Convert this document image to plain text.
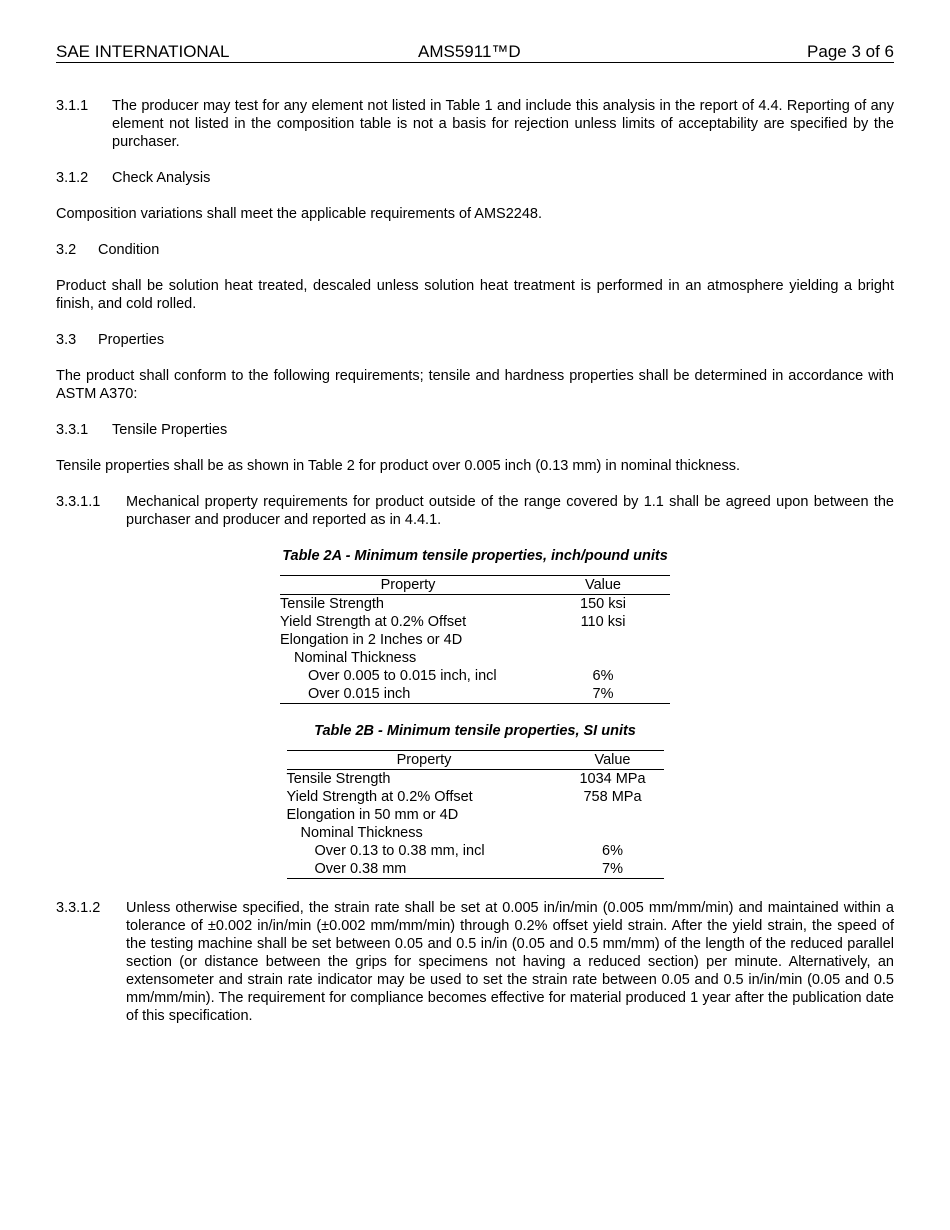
SAE INTERNATIONAL	AMS5911™D	Page 3 of 6
3.1.1	The producer may test for any element not listed in Table 1 and include this analysis in the report of 4.4. Reporting of any element not listed in the composition table is not a basis for rejection unless limits of acceptability are specified by the purchaser.
3.1.2	Check Analysis

Composition variations shall meet the applicable requirements of AMS2248.

3.2	Condition

Product shall be solution heat treated, descaled unless solution heat treatment is performed in an atmosphere yielding a bright finish, and cold rolled.

3.3	Properties

The product shall conform to the following requirements; tensile and hardness properties shall be determined in accordance with ASTM A370:

3.3.1	Tensile Properties

Tensile properties shall be as shown in Table 2 for product over 0.005 inch (0.13 mm) in nominal thickness.

3.3.1.1	Mechanical property requirements for product outside of the range covered by 1.1 shall be agreed upon between the purchaser and producer and reported as in 4.4.1.

Table 2A - Minimum tensile properties, inch/pound units

Property	Value
Tensile Strength	150 ksi
Yield Strength at 0.2% Offset	110 ksi
Elongation in 2 Inches or 4D	
Nominal Thickness	
Over 0.005 to 0.015 inch, incl	6%
Over 0.015 inch	7%

Table 2B - Minimum tensile properties, SI units

Property	Value
Tensile Strength	1034 MPa
Yield Strength at 0.2% Offset	758 MPa
Elongation in 50 mm or 4D	
Nominal Thickness	
Over 0.13 to 0.38 mm, incl	6%
Over 0.38 mm	7%
3.3.1.2	Unless otherwise specified, the strain rate shall be set at 0.005 in/in/min (0.005 mm/mm/min) and maintained within a tolerance of ±0.002 in/in/min (±0.002 mm/mm/min) through 0.2% offset yield strain. After the yield strain, the speed of the testing machine shall be set between 0.05 and 0.5 in/in (0.05 and 0.5 mm/mm) of the length of the reduced parallel section (or distance between the grips for specimens not having a reduced section) per minute. Alternatively, an extensometer and strain rate indicator may be used to set the strain rate between 0.05 and 0.5 in/in/min (0.05 and 0.5 mm/mm/min). The requirement for compliance becomes effective for material produced 1 year after the publication date of this specification.
